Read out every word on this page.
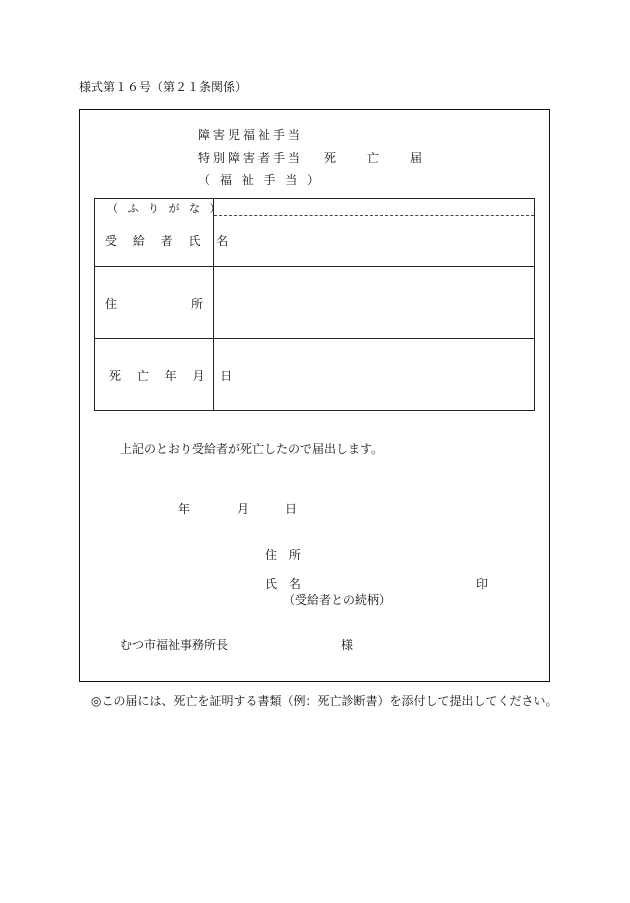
様式第１６号（第２１条関係）
障害児福祉手当
特別障害者手当 死 亡 届
（ 福 祉 手 当 ）
（ ふ り が な ）
受 給 者 氏 名	

住 所	

死 亡 年 月 日	

上記のとおり受給者が死亡したので届出します。
年	月	日
住 所
氏 名	印
（受給者との続柄）
むつ市福祉事務所長	様
◎この届には、死亡を証明する書類（例：死亡診断書）を添付して提出してください。
